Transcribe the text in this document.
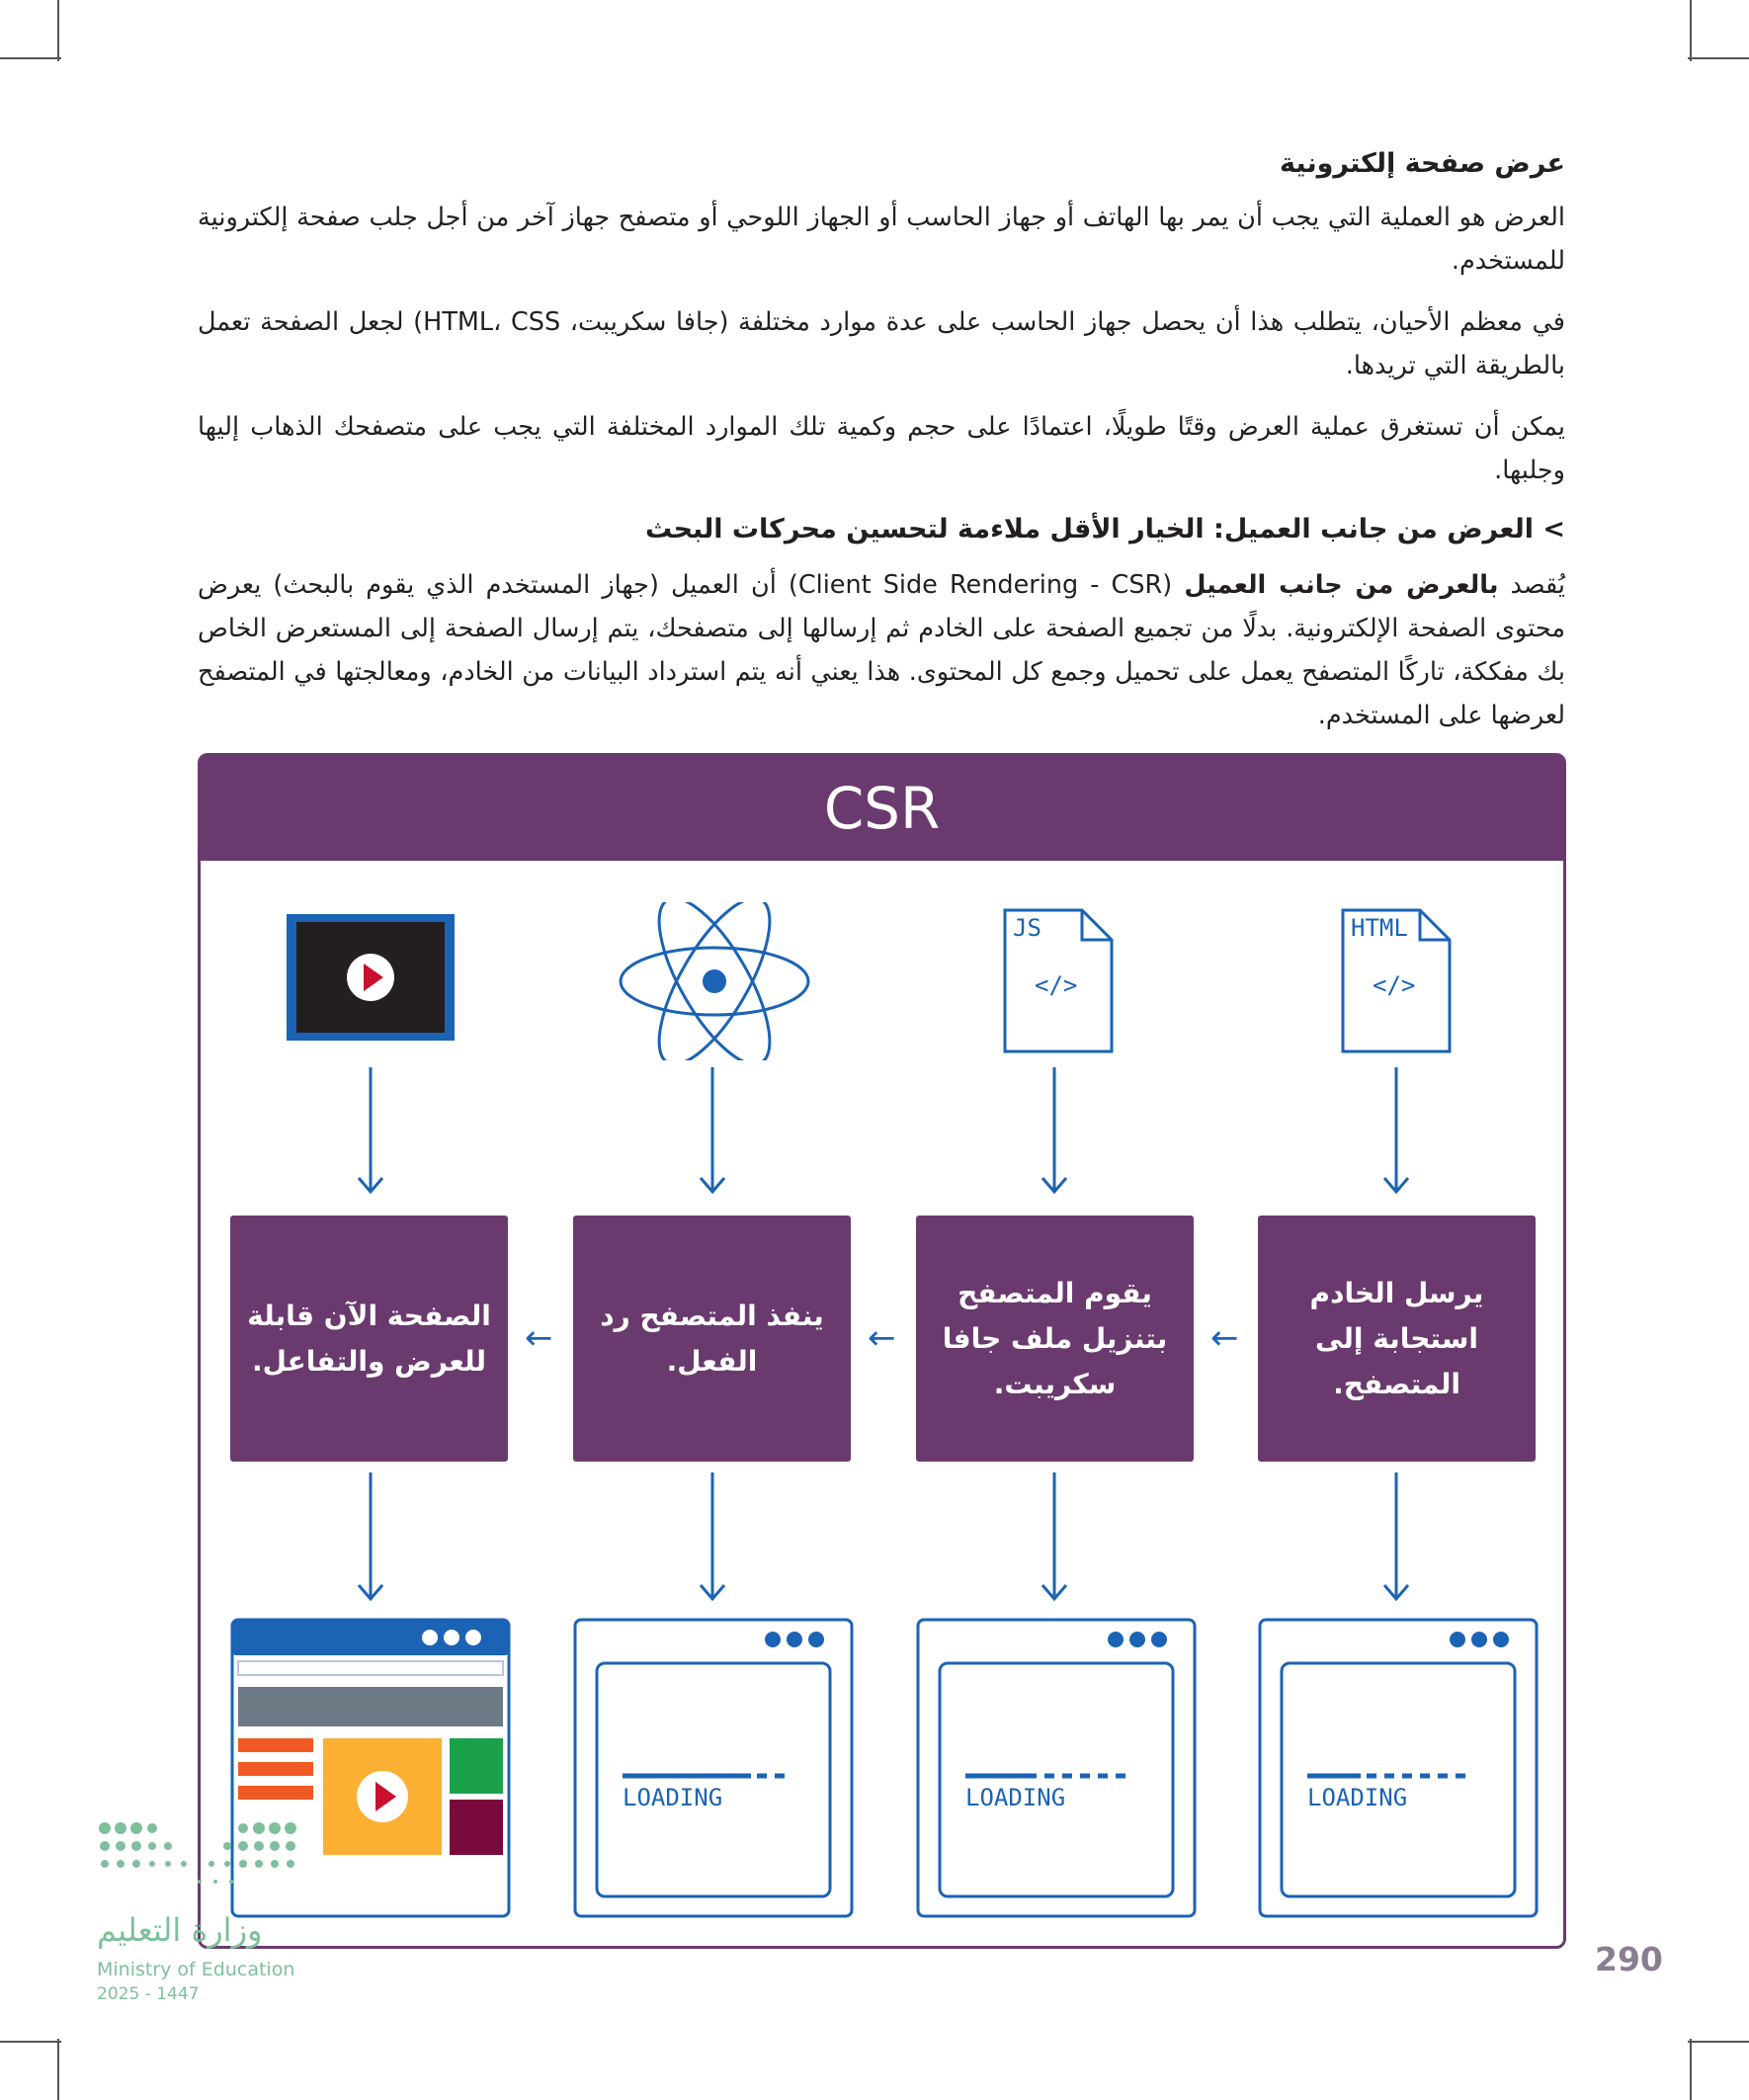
عرض صفحة إلكترونية

العرض هو العملية التي يجب أن يمر بها الهاتف أو جهاز الحاسب أو الجهاز اللوحي أو متصفح جهاز آخر من أجل جلب صفحة إلكترونية للمستخدم.

في معظم الأحيان، يتطلب هذا أن يحصل جهاز الحاسب على عدة موارد مختلفة (جافا سكريبت، HTML، CSS) لجعل الصفحة تعمل بالطريقة التي تريدها.

يمكن أن تستغرق عملية العرض وقتًا طويلًا، اعتمادًا على حجم وكمية تلك الموارد المختلفة التي يجب على متصفحك الذهاب إليها وجلبها.

> العرض من جانب العميل: الخيار الأقل ملاءمة لتحسين محركات البحث

يُقصد بالعرض من جانب العميل (Client Side Rendering - CSR) أن العميل (جهاز المستخدم الذي يقوم بالبحث) يعرض محتوى الصفحة الإلكترونية. بدلًا من تجميع الصفحة على الخادم ثم إرسالها إلى متصفحك، يتم إرسال الصفحة إلى المستعرض الخاص بك مفككة، تاركًا المتصفح يعمل على تحميل وجمع كل المحتوى. هذا يعني أنه يتم استرداد البيانات من الخادم، ومعالجتها في المتصفح لعرضها على المستخدم.

CSR
HTML
</>
JS
</>
يرسل الخادم استجابة إلى المتصفح.
يقوم المتصفح بتنزيل ملف جافا سكريبت.
ينفذ المتصفح رد الفعل.
الصفحة الآن قابلة للعرض والتفاعل.
←
←
←
LOADING
LOADING
LOADING
وزارة التعليم
Ministry of Education
2025 - 1447
290
